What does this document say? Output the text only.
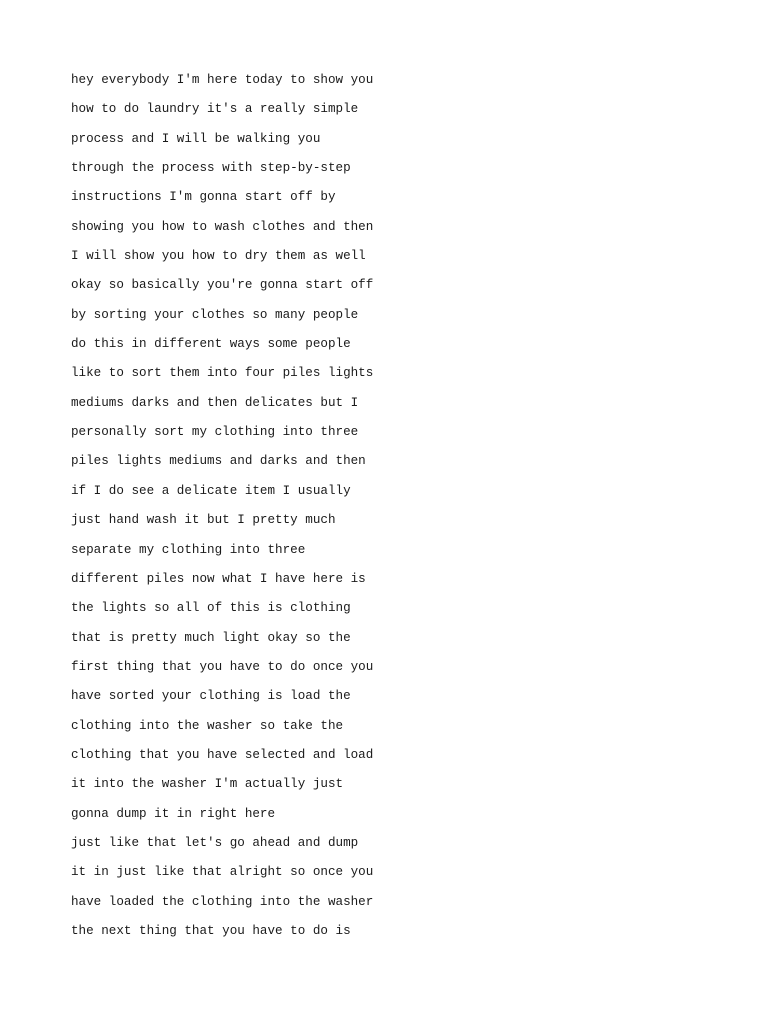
hey everybody I'm here today to show you
how to do laundry it's a really simple
process and I will be walking you
through the process with step-by-step
instructions I'm gonna start off by
showing you how to wash clothes and then
I will show you how to dry them as well
okay so basically you're gonna start off
by sorting your clothes so many people
do this in different ways some people
like to sort them into four piles lights
mediums darks and then delicates but I
personally sort my clothing into three
piles lights mediums and darks and then
if I do see a delicate item I usually
just hand wash it but I pretty much
separate my clothing into three
different piles now what I have here is
the lights so all of this is clothing
that is pretty much light okay so the
first thing that you have to do once you
have sorted your clothing is load the
clothing into the washer so take the
clothing that you have selected and load
it into the washer I'm actually just
gonna dump it in right here
just like that let's go ahead and dump
it in just like that alright so once you
have loaded the clothing into the washer
the next thing that you have to do is
